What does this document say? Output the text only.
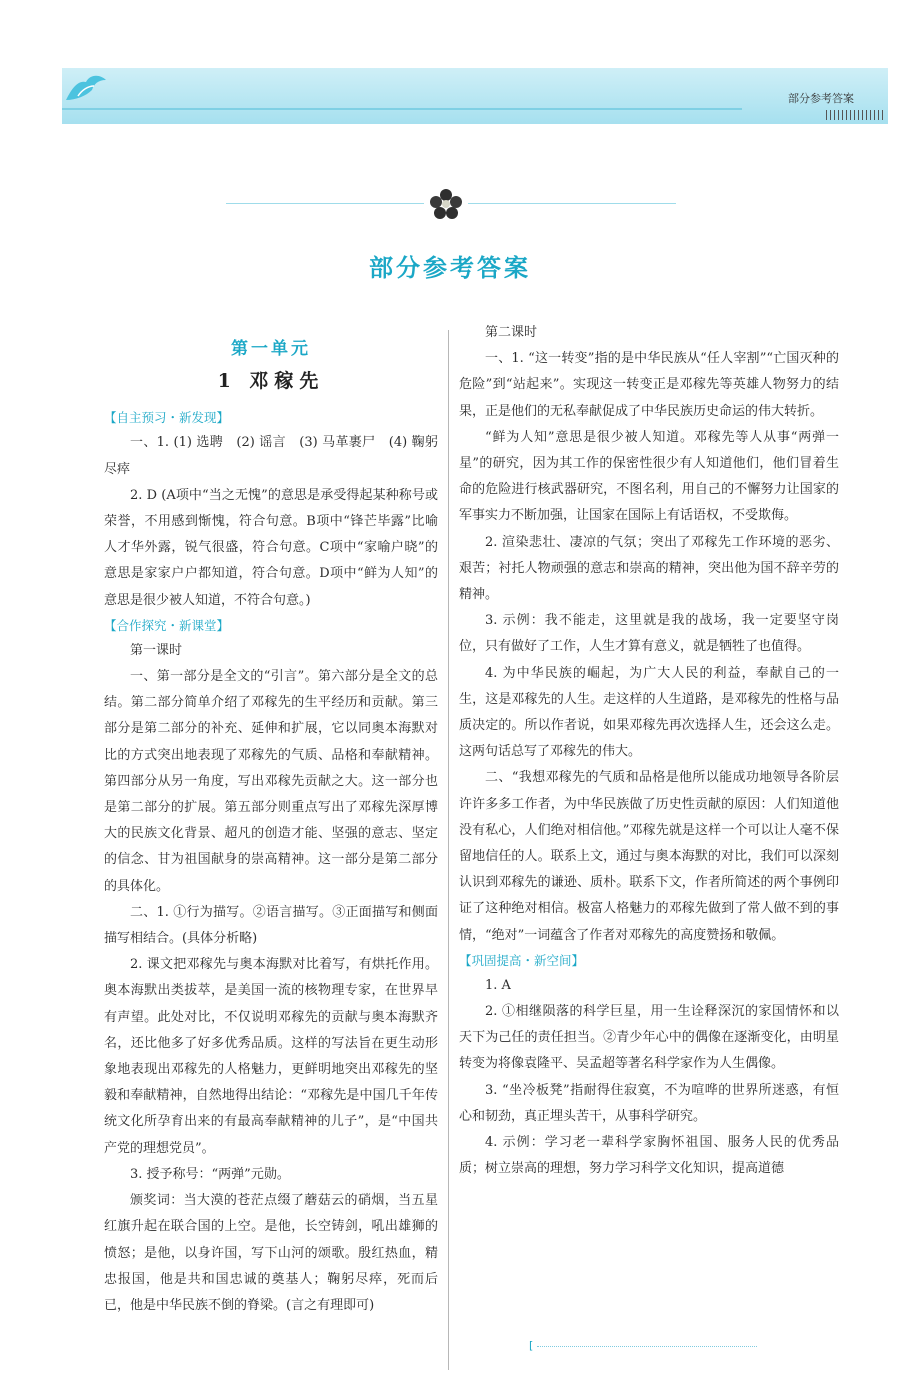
部分参考答案
部分参考答案
第一单元
1 邓稼先
【自主预习・新发现】

一、1. (1) 选聘　(2) 谣言　(3) 马革裹尸　(4) 鞠躬尽瘁

2. D (A项中“当之无愧”的意思是承受得起某种称号或荣誉，不用感到惭愧，符合句意。B项中“锋芒毕露”比喻人才华外露，锐气很盛，符合句意。C项中“家喻户晓”的意思是家家户户都知道，符合句意。D项中“鲜为人知”的意思是很少被人知道，不符合句意。)

【合作探究・新课堂】

第一课时

一、第一部分是全文的“引言”。第六部分是全文的总结。第二部分简单介绍了邓稼先的生平经历和贡献。第三部分是第二部分的补充、延伸和扩展，它以同奥本海默对比的方式突出地表现了邓稼先的气质、品格和奉献精神。第四部分从另一角度，写出邓稼先贡献之大。这一部分也是第二部分的扩展。第五部分则重点写出了邓稼先深厚博大的民族文化背景、超凡的创造才能、坚强的意志、坚定的信念、甘为祖国献身的崇高精神。这一部分是第二部分的具体化。

二、1. ①行为描写。②语言描写。③正面描写和侧面描写相结合。(具体分析略)

2. 课文把邓稼先与奥本海默对比着写，有烘托作用。奥本海默出类拔萃，是美国一流的核物理专家，在世界早有声望。此处对比，不仅说明邓稼先的贡献与奥本海默齐名，还比他多了好多优秀品质。这样的写法旨在更生动形象地表现出邓稼先的人格魅力，更鲜明地突出邓稼先的坚毅和奉献精神，自然地得出结论：“邓稼先是中国几千年传统文化所孕育出来的有最高奉献精神的儿子”，是“中国共产党的理想党员”。

3. 授予称号：“两弹”元勋。

颁奖词：当大漠的苍茫点缀了蘑菇云的硝烟，当五星红旗升起在联合国的上空。是他，长空铸剑，吼出雄狮的愤怒；是他，以身许国，写下山河的颂歌。殷红热血，精忠报国，他是共和国忠诚的奠基人；鞠躬尽瘁，死而后已，他是中华民族不倒的脊梁。(言之有理即可)

第二课时

一、1. “这一转变”指的是中华民族从“任人宰割”“亡国灭种的危险”到“站起来”。实现这一转变正是邓稼先等英雄人物努力的结果，正是他们的无私奉献促成了中华民族历史命运的伟大转折。

“鲜为人知”意思是很少被人知道。邓稼先等人从事“两弹一星”的研究，因为其工作的保密性很少有人知道他们，他们冒着生命的危险进行核武器研究，不图名利，用自己的不懈努力让国家的军事实力不断加强，让国家在国际上有话语权，不受欺侮。

2. 渲染悲壮、凄凉的气氛；突出了邓稼先工作环境的恶劣、艰苦；衬托人物顽强的意志和崇高的精神，突出他为国不辞辛劳的精神。

3. 示例：我不能走，这里就是我的战场，我一定要坚守岗位，只有做好了工作，人生才算有意义，就是牺牲了也值得。

4. 为中华民族的崛起，为广大人民的利益，奉献自己的一生，这是邓稼先的人生。走这样的人生道路，是邓稼先的性格与品质决定的。所以作者说，如果邓稼先再次选择人生，还会这么走。这两句话总写了邓稼先的伟大。

二、“我想邓稼先的气质和品格是他所以能成功地领导各阶层许许多多工作者，为中华民族做了历史性贡献的原因：人们知道他没有私心，人们绝对相信他。”邓稼先就是这样一个可以让人毫不保留地信任的人。联系上文，通过与奥本海默的对比，我们可以深刻认识到邓稼先的谦逊、质朴。联系下文，作者所简述的两个事例印证了这种绝对相信。极富人格魅力的邓稼先做到了常人做不到的事情，“绝对”一词蕴含了作者对邓稼先的高度赞扬和敬佩。

【巩固提高・新空间】

1. A

2. ①相继陨落的科学巨星，用一生诠释深沉的家国情怀和以天下为己任的责任担当。②青少年心中的偶像在逐渐变化，由明星转变为将像袁隆平、吴孟超等著名科学家作为人生偶像。

3. “坐冷板凳”指耐得住寂寞，不为喧哗的世界所迷惑，有恒心和韧劲，真正埋头苦干，从事科学研究。

4. 示例：学习老一辈科学家胸怀祖国、服务人民的优秀品质；树立崇高的理想，努力学习科学文化知识，提高道德

[
